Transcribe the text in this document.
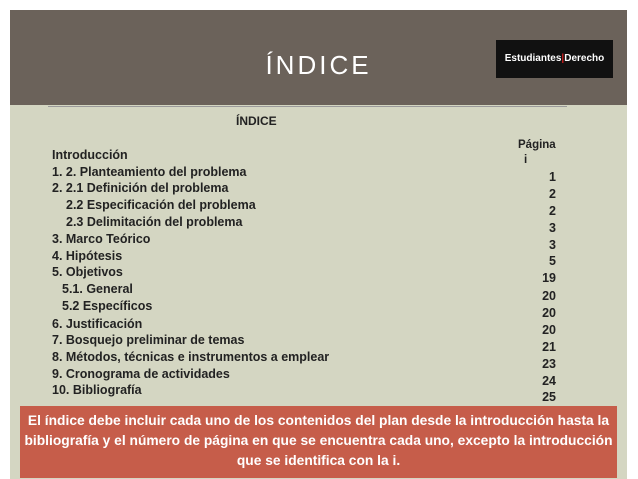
ÍNDICE	Estudiantes|Derecho
ÍNDICE
Página
i
Introducción
1. 2. Planteamiento del problema
2. 2.1 Definición del problema
2.2 Especificación del problema
2.3 Delimitación del problema
3. Marco Teórico
4. Hipótesis
5. Objetivos
5.1. General
5.2 Específicos
6. Justificación
7. Bosquejo preliminar de temas
8. Métodos, técnicas e instrumentos a emplear
9. Cronograma de actividades
10. Bibliografía
1
2
2
3
3
5
19
20
20
20
21
23
24
25
El índice debe incluir cada uno de los contenidos del plan desde la introducción hasta la bibliografía y el número de página en que se encuentra cada uno, excepto la introducción que se identifica con la i.
